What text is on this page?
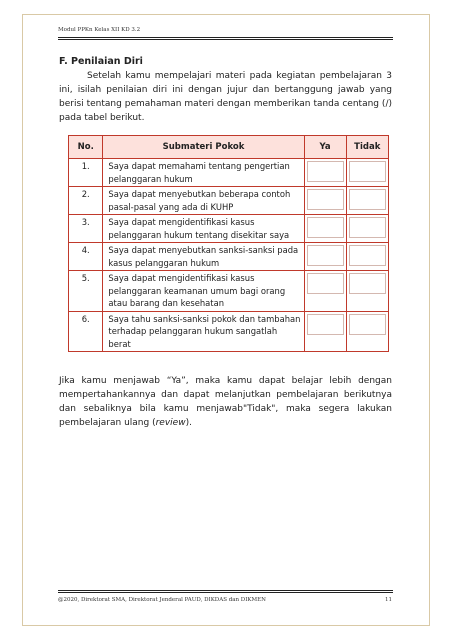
Modul PPKn Kelas XII KD 3.2
F. Penilaian Diri
Setelah kamu mempelajari materi pada kegiatan pembelajaran 3 ini, isilah penilaian diri ini dengan jujur dan bertanggung jawab yang berisi tentang pemahaman materi dengan memberikan tanda centang (/) pada tabel berikut.
No.	Submateri Pokok	Ya	Tidak
1.	Saya dapat memahami tentang pengertian pelanggaran hukum	

2.	Saya dapat menyebutkan beberapa contoh pasal-pasal yang ada di KUHP	

3.	Saya dapat mengidentifikasi kasus pelanggaran hukum tentang disekitar saya	

4.	Saya dapat menyebutkan sanksi-sanksi pada kasus pelanggaran hukum	

5.	Saya dapat mengidentifikasi kasus pelanggaran keamanan umum bagi orang atau barang dan kesehatan	

6.	Saya tahu sanksi-sanksi pokok dan tambahan terhadap pelanggaran hukum sangatlah berat	

Jika kamu menjawab “Ya”, maka kamu dapat belajar lebih dengan mempertahankannya dan dapat melanjutkan pembelajaran berikutnya dan sebaliknya bila kamu menjawab"Tidak", maka segera lakukan pembelajaran ulang (review).
@2020, Direktorat SMA, Direktorat Jenderal PAUD, DIKDAS dan DIKMEN	11
